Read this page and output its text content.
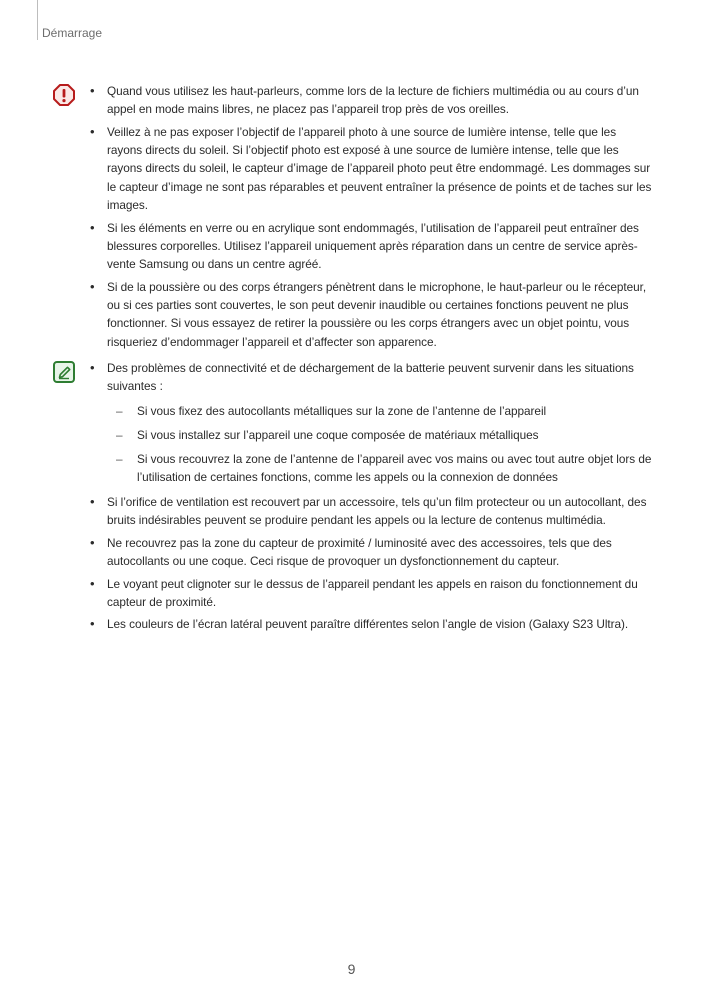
Démarrage
• Quand vous utilisez les haut-parleurs, comme lors de la lecture de fichiers multimédia ou au cours d’un appel en mode mains libres, ne placez pas l’appareil trop près de vos oreilles.
• Veillez à ne pas exposer l’objectif de l’appareil photo à une source de lumière intense, telle que les rayons directs du soleil. Si l’objectif photo est exposé à une source de lumière intense, telle que les rayons directs du soleil, le capteur d’image de l’appareil photo peut être endommagé. Les dommages sur le capteur d’image ne sont pas réparables et peuvent entraîner la présence de points et de taches sur les images.
• Si les éléments en verre ou en acrylique sont endommagés, l’utilisation de l’appareil peut entraîner des blessures corporelles. Utilisez l’appareil uniquement après réparation dans un centre de service après-vente Samsung ou dans un centre agréé.
• Si de la poussière ou des corps étrangers pénètrent dans le microphone, le haut-parleur ou le récepteur, ou si ces parties sont couvertes, le son peut devenir inaudible ou certaines fonctions peuvent ne plus fonctionner. Si vous essayez de retirer la poussière ou les corps étrangers avec un objet pointu, vous risqueriez d’endommager l’appareil et d’affecter son apparence.
• Des problèmes de connectivité et de déchargement de la batterie peuvent survenir dans les situations suivantes :
– Si vous fixez des autocollants métalliques sur la zone de l’antenne de l’appareil
– Si vous installez sur l’appareil une coque composée de matériaux métalliques
– Si vous recouvrez la zone de l’antenne de l’appareil avec vos mains ou avec tout autre objet lors de l’utilisation de certaines fonctions, comme les appels ou la connexion de données
• Si l’orifice de ventilation est recouvert par un accessoire, tels qu’un film protecteur ou un autocollant, des bruits indésirables peuvent se produire pendant les appels ou la lecture de contenus multimédia.
• Ne recouvrez pas la zone du capteur de proximité / luminosité avec des accessoires, tels que des autocollants ou une coque. Ceci risque de provoquer un dysfonctionnement du capteur.
• Le voyant peut clignoter sur le dessus de l’appareil pendant les appels en raison du fonctionnement du capteur de proximité.
• Les couleurs de l’écran latéral peuvent paraître différentes selon l’angle de vision (Galaxy S23 Ultra).
9
